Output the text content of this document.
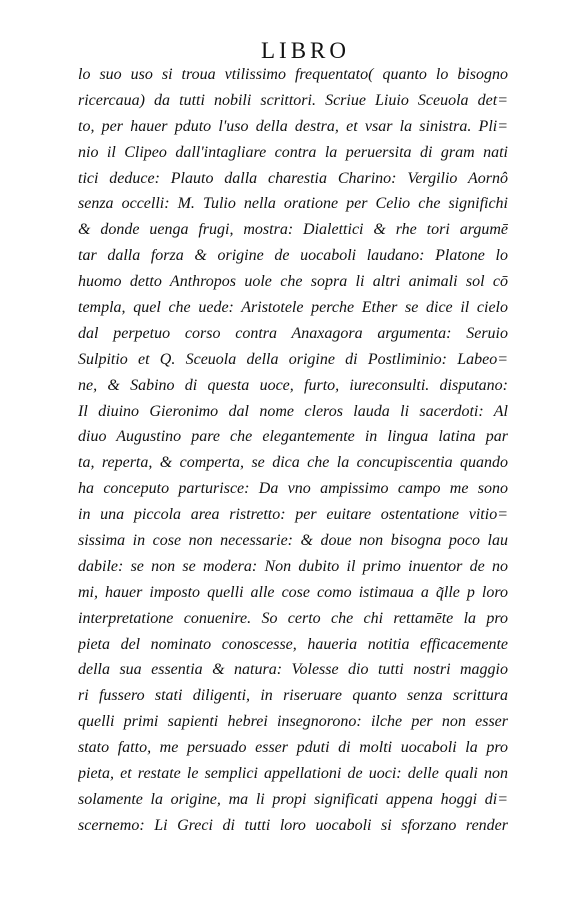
LIBRO
lo suo uso si troua vtilissimo frequentato( quanto lo bisogno
ricercaua) da tutti nobili scrittori. Scriue Liuio Sceuola det=
to, per hauer pduto l'uso della destra, et vsar la sinistra. Pli=
nio il Clipeo dall'intagliare contra la peruersita di gram nati
tici deduce: Plauto dalla charestia Charino: Vergilio Aornô
senza occelli: M. Tulio nella oratione per Celio che significhi
& donde uenga frugi, mostra: Dialettici & rhe tori argumē
tar dalla forza & origine de uocaboli laudano: Platone lo
huomo detto Anthropos uole che sopra li altri animali sol cō
templa, quel che uede: Aristotele perche Ether se dice il cielo
dal perpetuo corso contra Anaxagora argumenta: Seruio
Sulpitio et Q. Sceuola della origine di Postliminio: Labeo=
ne, & Sabino di questa uoce, furto, iureconsulti. disputano:
Il diuino Gieronimo dal nome cleros lauda li sacerdoti: Al
diuo Augustino pare che elegantemente in lingua latina par
ta, reperta, & comperta, se dica che la concupiscentia quando
ha conceputo parturisce: Da vno ampissimo campo me sono
in una piccola area ristretto: per euitare ostentatione vitio=
sissima in cose non necessarie: & doue non bisogna poco lau
dabile: se non se modera: Non dubito il primo inuentor de no
mi, hauer imposto quelli alle cose como istimaua a q̃lle p loro
interpretatione conuenire. So certo che chi rettamēte la pro
pieta del nominato conoscesse, haueria notitia efficacemente
della sua essentia & natura: Volesse dio tutti nostri maggio
ri fussero stati diligenti, in riseruare quanto senza scrittura
quelli primi sapienti hebrei insegnorono: ilche per non esser
stato fatto, me persuado esser pduti di molti uocaboli la pro
pieta, et restate le semplici appellationi de uoci: delle quali non
solamente la origine, ma li propi significati appena hoggi di=
scernemo: Li Greci di tutti loro uocaboli si sforzano render
